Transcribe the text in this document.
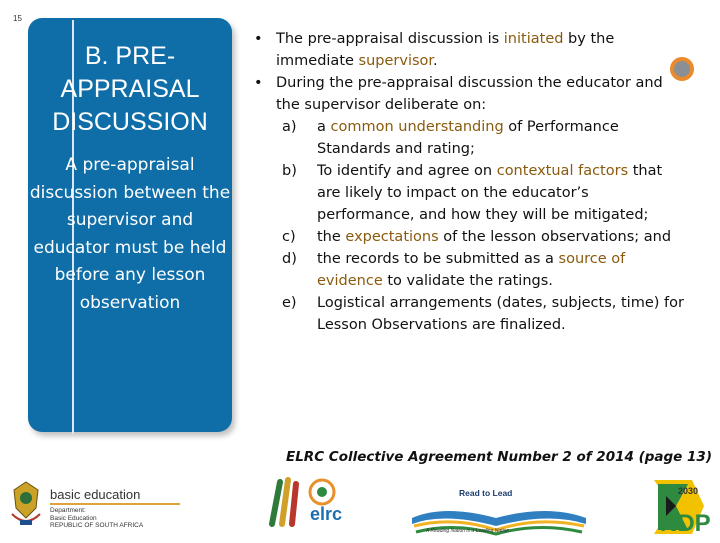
15
B. PRE-APPRAISAL DISCUSSION

A pre-appraisal discussion between the supervisor and educator must be held before any lesson observation

• The pre-appraisal discussion is initiated by the immediate supervisor.
• During the pre-appraisal discussion the educator and the supervisor deliberate on:
a) a common understanding of Performance Standards and rating;
b) To identify and agree on contextual factors that are likely to impact on the educator’s performance, and how they will be mitigated;
c) the expectations of the lesson observations; and
d) the records to be submitted as a source of evidence to validate the ratings.
e) Logistical arrangements (dates, subjects, time) for Lesson Observations are finalized.
ELRC Collective Agreement Number 2 of 2014 (page 13)
basic education
Department:
Basic Education
REPUBLIC OF SOUTH AFRICA
elrc
Read to Lead
A Reading Nation is a Leading Nation
2030
NDP
